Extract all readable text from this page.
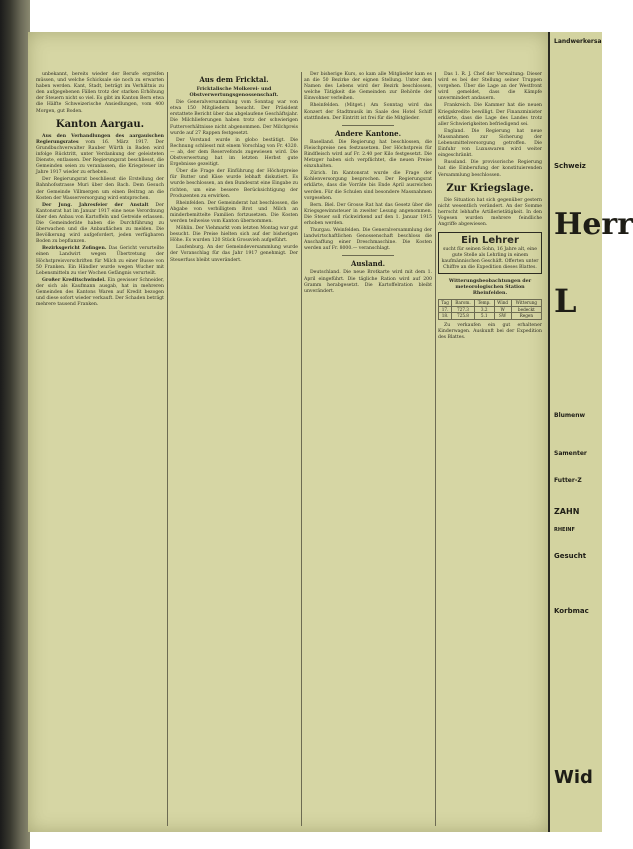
unbekannt, bereits wieder der Berufe ergreifen müssen, und welche Schicksale sie noch zu erwarten haben werden. Kant, Stadt, beträgt im Verhältnis zu den aufgegebenen Fällen trotz der starken Erhöhung der Steuern nicht so viel. Es gibt im Kanton Bern etwa die Hälfte Schweizerische Ansiedlungen, vom 400 Morgen, gut Boden.

Kanton Aargau.

Aus den Verhandlungen des aargauischen Regierungsrates vom 16. März 1917. Der Grundbuchverwalter Rauber Würth in Baden wird infolge Rücktritt, unter Verdankung der geleisteten Dienste, entlassen. Der Regierungsrat beschliesst, die Gemeinden seien zu veranlassen, die Kriegsteuer im Jahre 1917 wieder zu erheben.

Der Regierungsrat beschliesst die Erstellung der Bahnhofsstrasse Muri über den Bach. Dem Gesuch der Gemeinde Villmergen um einen Beitrag an die Kosten der Wasserversorgung wird entsprochen.

Der Jung. Jahresfeier der Anstalt Der Kantonsrat hat im Januar 1917 eine neue Verordnung über den Anbau von Kartoffeln und Getreide erlassen. Die Gemeinderäte haben die Durchführung zu überwachen und die Anbauflächen zu melden. Die Bevölkerung wird aufgefordert, jeden verfügbaren Boden zu bepflanzen.

Bezirksgericht Zofingen. Das Gericht verurteilte einen Landwirt wegen Übertretung der Höchstpreisvorschriften für Milch zu einer Busse von 50 Franken. Ein Händler wurde wegen Wucher mit Lebensmitteln zu vier Wochen Gefängnis verurteilt.

Großer Kreditschwindel. Ein gewisser Schneider, der sich als Kaufmann ausgab, hat in mehreren Gemeinden des Kantons Waren auf Kredit bezogen und diese sofort wieder verkauft. Der Schaden beträgt mehrere tausend Franken.

Aus dem Fricktal.
Fricktalische Molkerei- und Obstverwertungsgenossenschaft.

Die Generalversammlung vom Sonntag war von etwa 150 Mitgliedern besucht. Der Präsident erstattete Bericht über das abgelaufene Geschäftsjahr. Die Milchlieferungen haben trotz der schwierigen Futterverhältnisse nicht abgenommen. Der Milchpreis wurde auf 27 Rappen festgesetzt.

Der Vorstand wurde in globo bestätigt. Die Rechnung schliesst mit einem Vorschlag von Fr. 4320.— ab, der dem Reservefonds zugewiesen wird. Die Obstverwertung hat im letzten Herbst gute Ergebnisse gezeitigt.

Über die Frage der Einführung der Höchstpreise für Butter und Käse wurde lebhaft diskutiert. Es wurde beschlossen, an den Bundesrat eine Eingabe zu richten, um eine bessere Berücksichtigung der Produzenten zu erwirken.

Rheinfelden. Der Gemeinderat hat beschlossen, die Abgabe von verbilligtem Brot und Milch an minderbemittelte Familien fortzusetzen. Die Kosten werden teilweise vom Kanton übernommen.

Möhlin. Der Viehmarkt vom letzten Montag war gut besucht. Die Preise hielten sich auf der bisherigen Höhe. Es wurden 120 Stück Grossvieh aufgeführt.

Laufenburg. An der Gemeindeversammlung wurde der Voranschlag für das Jahr 1917 genehmigt. Der Steuerfuss bleibt unverändert.

Der bisherige Kurs, so kam alle Mitglieder kam es an die 50 Bezirke der eignen Stellung. Unter dem Namen des Lebens wird der Bezirk beschlossen, welche Tätigkeit die Gemeinden zur Behörde der Einwohner verleihen.

Rheinfelden. (Mitget.) Am Sonntag wird das Konzert der Stadtmusik im Saale des Hotel Schiff stattfinden. Der Eintritt ist frei für die Mitglieder.

Andere Kantone.

Baselland. Die Regierung hat beschlossen, die Fleischpreise neu festzusetzen. Der Höchstpreis für Rindfleisch wird auf Fr. 2.40 per Kilo festgesetzt. Die Metzger haben sich verpflichtet, die neuen Preise einzuhalten.

Zürich. Im Kantonsrat wurde die Frage der Kohlenversorgung besprochen. Der Regierungsrat erklärte, dass die Vorräte bis Ende April ausreichen werden. Für die Schulen sind besondere Massnahmen vorgesehen.

Bern. Biel. Der Grosse Rat hat das Gesetz über die Kriegsgewinnsteuer in zweiter Lesung angenommen. Die Steuer soll rückwirkend auf den 1. Januar 1915 erhoben werden.

Thurgau. Weinfelden. Die Generalversammlung der landwirtschaftlichen Genossenschaft beschloss die Anschaffung einer Dreschmaschine. Die Kosten werden auf Fr. 8000.— veranschlagt.

Ausland.

Deutschland. Die neue Brotkarte wird mit dem 1. April eingeführt. Die tägliche Ration wird auf 200 Gramm herabgesetzt. Die Kartoffelration bleibt unverändert.

Das 1. R. J. Chef der Verwaltung: Dieser wird es bei der Stellung seiner Truppen vorgehen. Über die Lage an der Westfront wird gemeldet, dass die Kämpfe unvermindert andauern.

Frankreich. Die Kammer hat die neuen Kriegskredite bewilligt. Der Finanzminister erklärte, dass die Lage des Landes trotz aller Schwierigkeiten befriedigend sei.

England. Die Regierung hat neue Massnahmen zur Sicherung der Lebensmittelversorgung getroffen. Die Einfuhr von Luxuswaren wird weiter eingeschränkt.

Russland. Die provisorische Regierung hat die Einberufung der konstituierenden Versammlung beschlossen.

Zur Kriegslage.

Die Situation hat sich gegenüber gestern nicht wesentlich verändert. An der Somme herrscht lebhafte Artillerietätigkeit. In den Vogesen wurden mehrere feindliche Angriffe abgewiesen.

Ein Lehrer
sucht für seinen Sohn, 16 Jahre alt, eine gute Stelle als Lehrling in einem kaufmännischen Geschäft. Offerten unter Chiffre an die Expedition dieses Blattes.
Witterungsbeobachtungen der meteorologischen Station Rheinfelden.
Tag	Barom.	Temp.	Wind	Witterung
17.	727.3	3.2	W	bedeckt
18.	725.8	5.1	SW	Regen

Zu verkaufen ein gut erhaltener Kinderwagen. Auskunft bei der Expedition des Blattes.

Landwerkersa
Schweiz
Herr
L
Blumenw
Samenter
Futter-Z
ZAHN
RHEINF
Gesucht
Korbmac
Wid
